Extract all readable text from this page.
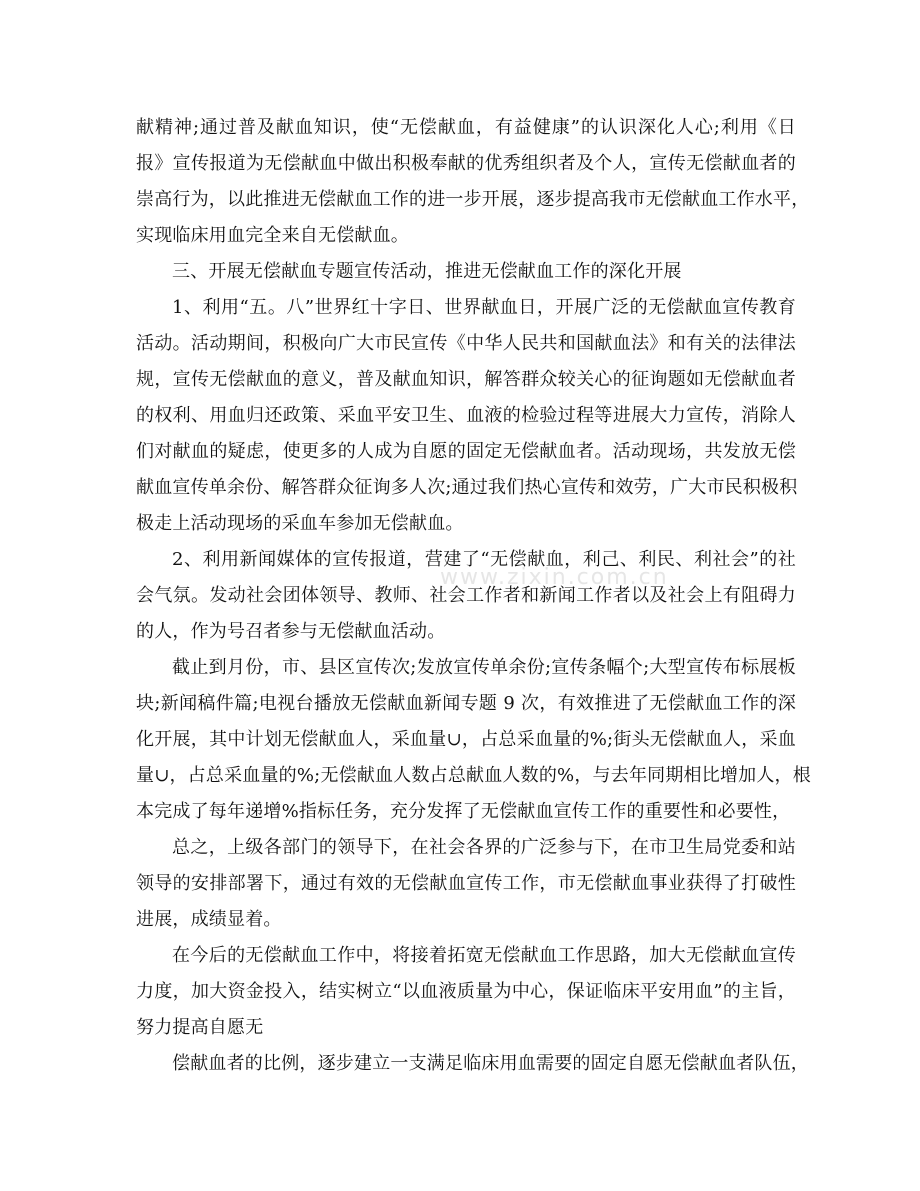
www.zixin.com.cn
献精神;通过普及献血知识，使“无偿献血，有益健康”的认识深化人心;利用《日
报》宣传报道为无偿献血中做出积极奉献的优秀组织者及个人，宣传无偿献血者的
崇高行为，以此推进无偿献血工作的进一步开展，逐步提高我市无偿献血工作水平，
实现临床用血完全来自无偿献血。
三、开展无偿献血专题宣传活动，推进无偿献血工作的深化开展
1、利用“五。八”世界红十字日、世界献血日，开展广泛的无偿献血宣传教育
活动。活动期间，积极向广大市民宣传《中华人民共和国献血法》和有关的法律法
规，宣传无偿献血的意义，普及献血知识，解答群众较关心的征询题如无偿献血者
的权利、用血归还政策、采血平安卫生、血液的检验过程等进展大力宣传，消除人
们对献血的疑虑，使更多的人成为自愿的固定无偿献血者。活动现场，共发放无偿
献血宣传单余份、解答群众征询多人次;通过我们热心宣传和效劳，广大市民积极积
极走上活动现场的采血车参加无偿献血。
2、利用新闻媒体的宣传报道，营建了“无偿献血，利己、利民、利社会”的社
会气氛。发动社会团体领导、教师、社会工作者和新闻工作者以及社会上有阻碍力
的人，作为号召者参与无偿献血活动。
截止到月份，市、县区宣传次;发放宣传单余份;宣传条幅个;大型宣传布标展板
块;新闻稿件篇;电视台播放无偿献血新闻专题 9 次，有效推进了无偿献血工作的深
化开展，其中计划无偿献血人，采血量∪，占总采血量的%;街头无偿献血人，采血
量∪，占总采血量的%;无偿献血人数占总献血人数的%，与去年同期相比增加人，根
本完成了每年递增%指标任务，充分发挥了无偿献血宣传工作的重要性和必要性，
总之，上级各部门的领导下，在社会各界的广泛参与下，在市卫生局党委和站
领导的安排部署下，通过有效的无偿献血宣传工作，市无偿献血事业获得了打破性
进展，成绩显着。
在今后的无偿献血工作中，将接着拓宽无偿献血工作思路，加大无偿献血宣传
力度，加大资金投入，结实树立“以血液质量为中心，保证临床平安用血”的主旨，
努力提高自愿无
偿献血者的比例，逐步建立一支满足临床用血需要的固定自愿无偿献血者队伍，
